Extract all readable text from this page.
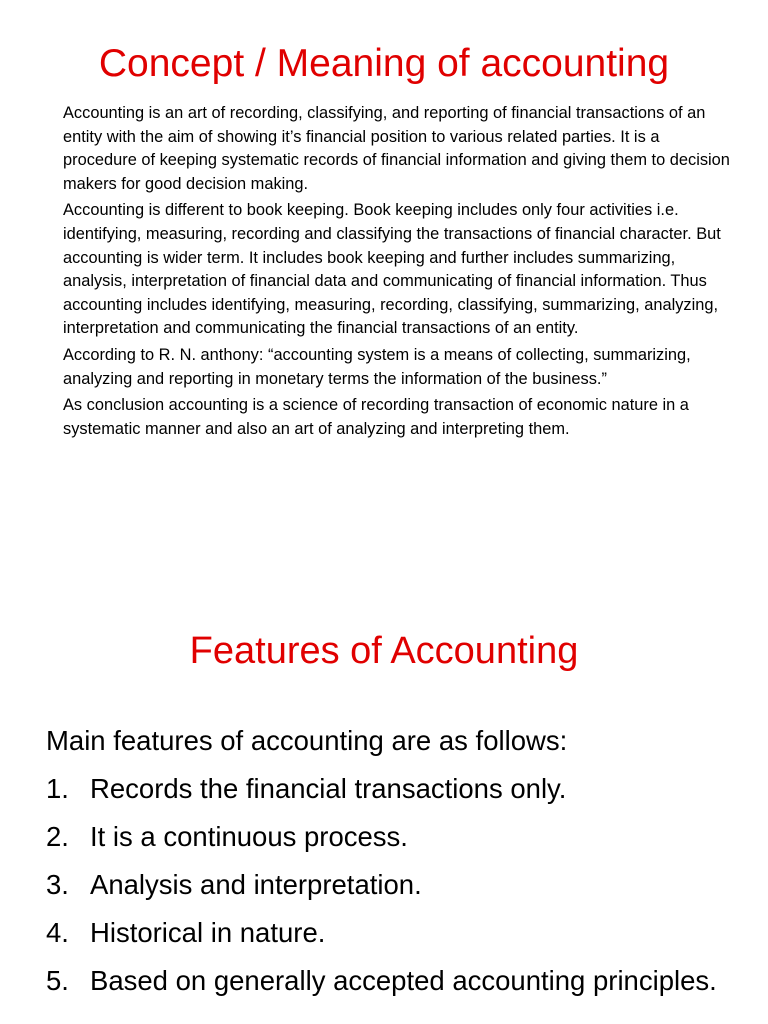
Concept / Meaning of accounting

Accounting is an art of recording, classifying, and reporting of financial transactions of an entity with the aim of showing it’s financial position to various related parties. It is a procedure of keeping systematic records of financial information and giving them to decision makers for good decision making.

Accounting is different to book keeping. Book keeping includes only four activities i.e. identifying, measuring, recording and classifying the transactions of financial character. But accounting is wider term. It includes book keeping and further includes summarizing, analysis, interpretation of financial data and communicating of financial information. Thus accounting includes identifying, measuring, recording, classifying, summarizing, analyzing, interpretation and communicating the financial transactions of an entity.

According to R. N. anthony: “accounting system is a means of collecting, summarizing, analyzing and reporting in monetary terms the information of the business.”

As conclusion accounting is a science of recording transaction of economic nature in a systematic manner and also an art of analyzing and interpreting them.

Features of Accounting

Main features of accounting are as follows:

1. Records the financial transactions only.
2. It is a continuous process.
3. Analysis and interpretation.
4. Historical in nature.
5. Based on generally accepted accounting principles.
